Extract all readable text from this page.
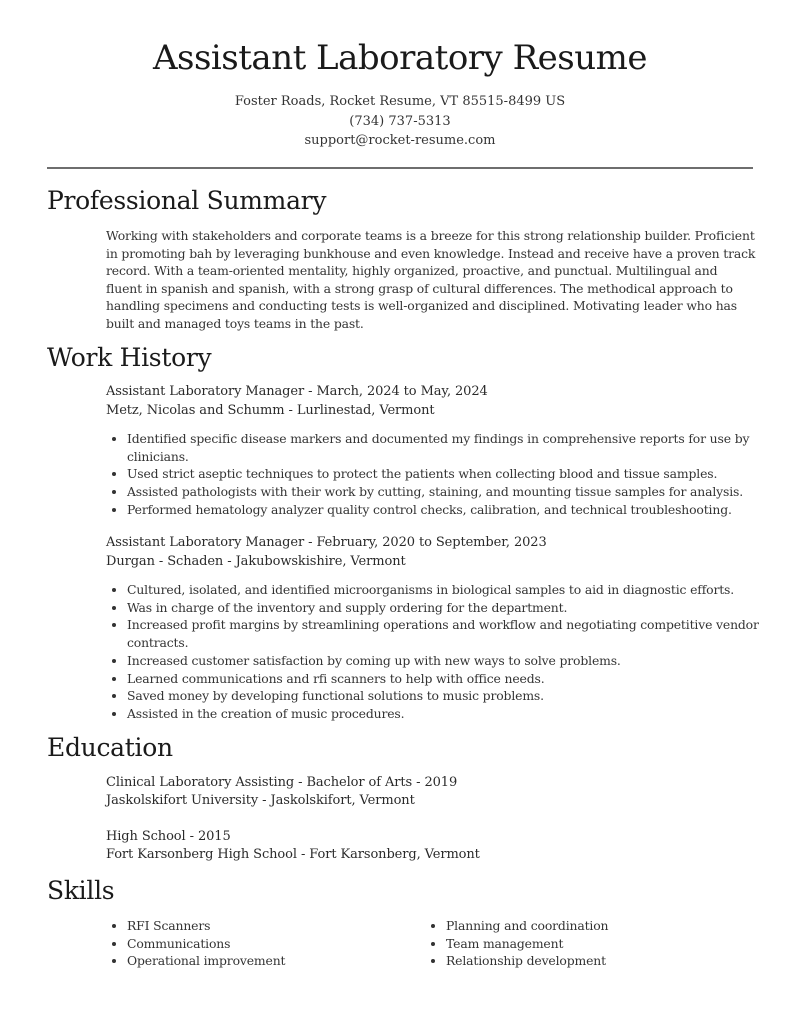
Assistant Laboratory Resume
Foster Roads, Rocket Resume, VT 85515-8499 US
(734) 737-5313
support@rocket-resume.com
Professional Summary
Working with stakeholders and corporate teams is a breeze for this strong relationship builder. Proficient in promoting bah by leveraging bunkhouse and even knowledge. Instead and receive have a proven track record. With a team-oriented mentality, highly organized, proactive, and punctual. Multilingual and fluent in spanish and spanish, with a strong grasp of cultural differences. The methodical approach to handling specimens and conducting tests is well-organized and disciplined. Motivating leader who has built and managed toys teams in the past.
Work History
Assistant Laboratory Manager - March, 2024 to May, 2024
Metz, Nicolas and Schumm - Lurlinestad, Vermont
• Identified specific disease markers and documented my findings in comprehensive reports for use by clinicians.
• Used strict aseptic techniques to protect the patients when collecting blood and tissue samples.
• Assisted pathologists with their work by cutting, staining, and mounting tissue samples for analysis.
• Performed hematology analyzer quality control checks, calibration, and technical troubleshooting.
Assistant Laboratory Manager - February, 2020 to September, 2023
Durgan - Schaden - Jakubowskishire, Vermont
• Cultured, isolated, and identified microorganisms in biological samples to aid in diagnostic efforts.
• Was in charge of the inventory and supply ordering for the department.
• Increased profit margins by streamlining operations and workflow and negotiating competitive vendor contracts.
• Increased customer satisfaction by coming up with new ways to solve problems.
• Learned communications and rfi scanners to help with office needs.
• Saved money by developing functional solutions to music problems.
• Assisted in the creation of music procedures.
Education
Clinical Laboratory Assisting - Bachelor of Arts - 2019
Jaskolskifort University - Jaskolskifort, Vermont
High School - 2015
Fort Karsonberg High School - Fort Karsonberg, Vermont
Skills
• RFI Scanners
• Communications
• Operational improvement
• Planning and coordination
• Team management
• Relationship development
